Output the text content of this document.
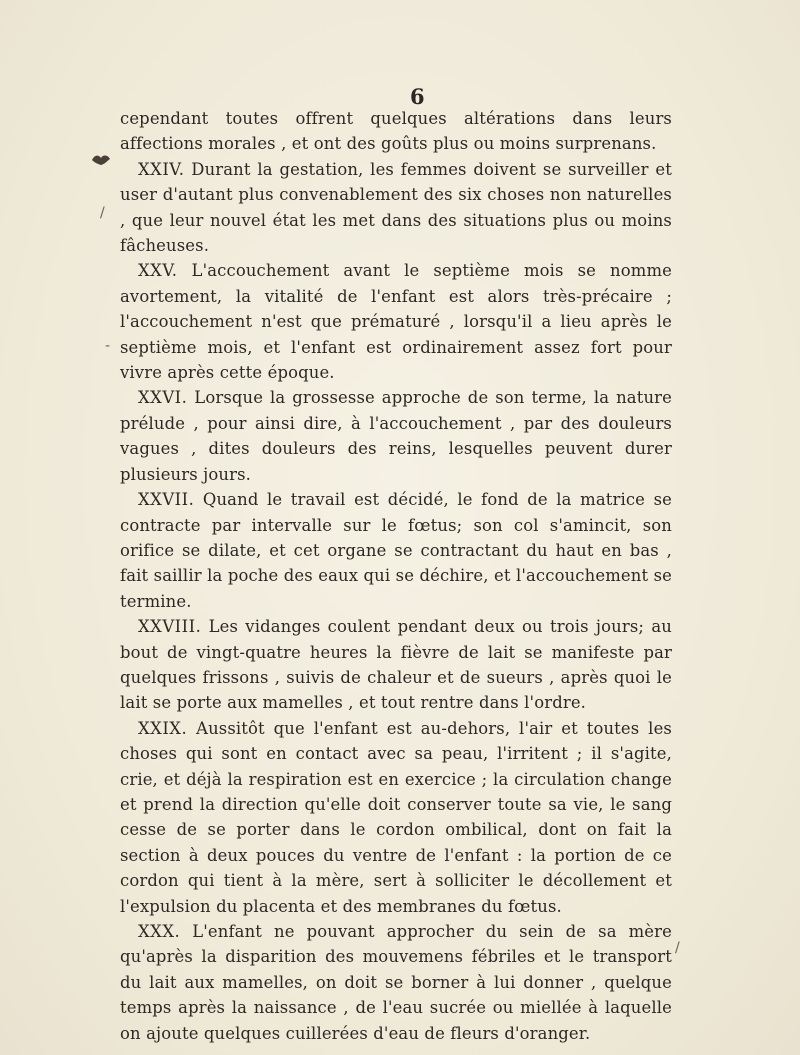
6
/
-
/

cependant toutes offrent quelques altérations dans leurs affections morales , et ont des goûts plus ou moins surprenans.

XXIV. Durant la gestation, les femmes doivent se surveiller et user d'autant plus convenablement des six choses non naturelles , que leur nouvel état les met dans des situations plus ou moins fâcheuses.

XXV. L'accouchement avant le septième mois se nomme avortement, la vitalité de l'enfant est alors très-précaire ; l'accouchement n'est que prématuré , lorsqu'il a lieu après le septième mois, et l'enfant est ordinairement assez fort pour vivre après cette époque.

XXVI. Lorsque la grossesse approche de son terme, la nature prélude , pour ainsi dire, à l'accouchement , par des douleurs vagues , dites douleurs des reins, lesquelles peuvent durer plusieurs jours.

XXVII. Quand le travail est décidé, le fond de la matrice se contracte par intervalle sur le fœtus; son col s'amincit, son orifice se dilate, et cet organe se contractant du haut en bas , fait saillir la poche des eaux qui se déchire, et l'accouchement se termine.

XXVIII. Les vidanges coulent pendant deux ou trois jours; au bout de vingt-quatre heures la fièvre de lait se manifeste par quelques frissons , suivis de chaleur et de sueurs , après quoi le lait se porte aux mamelles , et tout rentre dans l'ordre.

XXIX. Aussitôt que l'enfant est au-dehors, l'air et toutes les choses qui sont en contact avec sa peau, l'irritent ; il s'agite, crie, et déjà la respiration est en exercice ; la circulation change et prend la direction qu'elle doit conserver toute sa vie, le sang cesse de se porter dans le cordon ombilical, dont on fait la section à deux pouces du ventre de l'enfant : la portion de ce cordon qui tient à la mère, sert à solliciter le décollement et l'expulsion du placenta et des membranes du fœtus.

XXX. L'enfant ne pouvant approcher du sein de sa mère qu'après la disparition des mouvemens fébriles et le transport du lait aux mamelles, on doit se borner à lui donner , quelque temps après la naissance , de l'eau sucrée ou miellée à laquelle on ajoute quelques cuillerées d'eau de fleurs d'oranger.
